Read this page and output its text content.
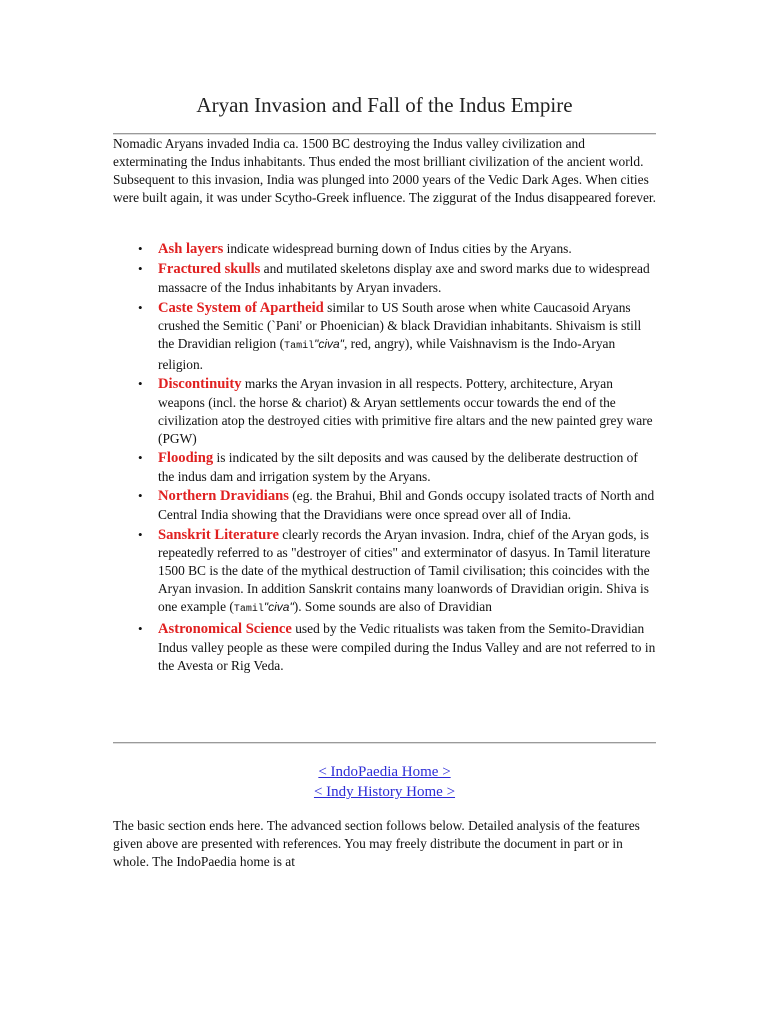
Aryan Invasion and Fall of the Indus Empire

Nomadic Aryans invaded India ca. 1500 BC destroying the Indus valley civilization and exterminating the Indus inhabitants. Thus ended the most brilliant civilization of the ancient world. Subsequent to this invasion, India was plunged into 2000 years of the Vedic Dark Ages. When cities were built again, it was under Scytho-Greek influence. The ziggurat of the Indus disappeared forever.

• Ash layers indicate widespread burning down of Indus cities by the Aryans.
• Fractured skulls and mutilated skeletons display axe and sword marks due to widespread massacre of the Indus inhabitants by Aryan invaders.
• Caste System of Apartheid similar to US South arose when white Caucasoid Aryans crushed the Semitic (`Pani' or Phoenician) & black Dravidian inhabitants. Shivaism is still the Dravidian religion (Tamil"civa", red, angry), while Vaishnavism is the Indo-Aryan religion.
• Discontinuity marks the Aryan invasion in all respects. Pottery, architecture, Aryan weapons (incl. the horse & chariot) & Aryan settlements occur towards the end of the civilization atop the destroyed cities with primitive fire altars and the new painted grey ware (PGW)
• Flooding is indicated by the silt deposits and was caused by the deliberate destruction of the indus dam and irrigation system by the Aryans.
• Northern Dravidians (eg. the Brahui, Bhil and Gonds occupy isolated tracts of North and Central India showing that the Dravidians were once spread over all of India.
• Sanskrit Literature clearly records the Aryan invasion. Indra, chief of the Aryan gods, is repeatedly referred to as "destroyer of cities" and exterminator of dasyus. In Tamil literature 1500 BC is the date of the mythical destruction of Tamil civilisation; this coincides with the Aryan invasion. In addition Sanskrit contains many loanwords of Dravidian origin. Shiva is one example (Tamil"civa"). Some sounds are also of Dravidian
• Astronomical Science used by the Vedic ritualists was taken from the Semito-Dravidian Indus valley people as these were compiled during the Indus Valley and are not referred to in the Avesta or Rig Veda.
< IndoPaedia Home >
< Indy History Home >

The basic section ends here. The advanced section follows below. Detailed analysis of the features given above are presented with references. You may freely distribute the document in part or in whole. The IndoPaedia home is at
